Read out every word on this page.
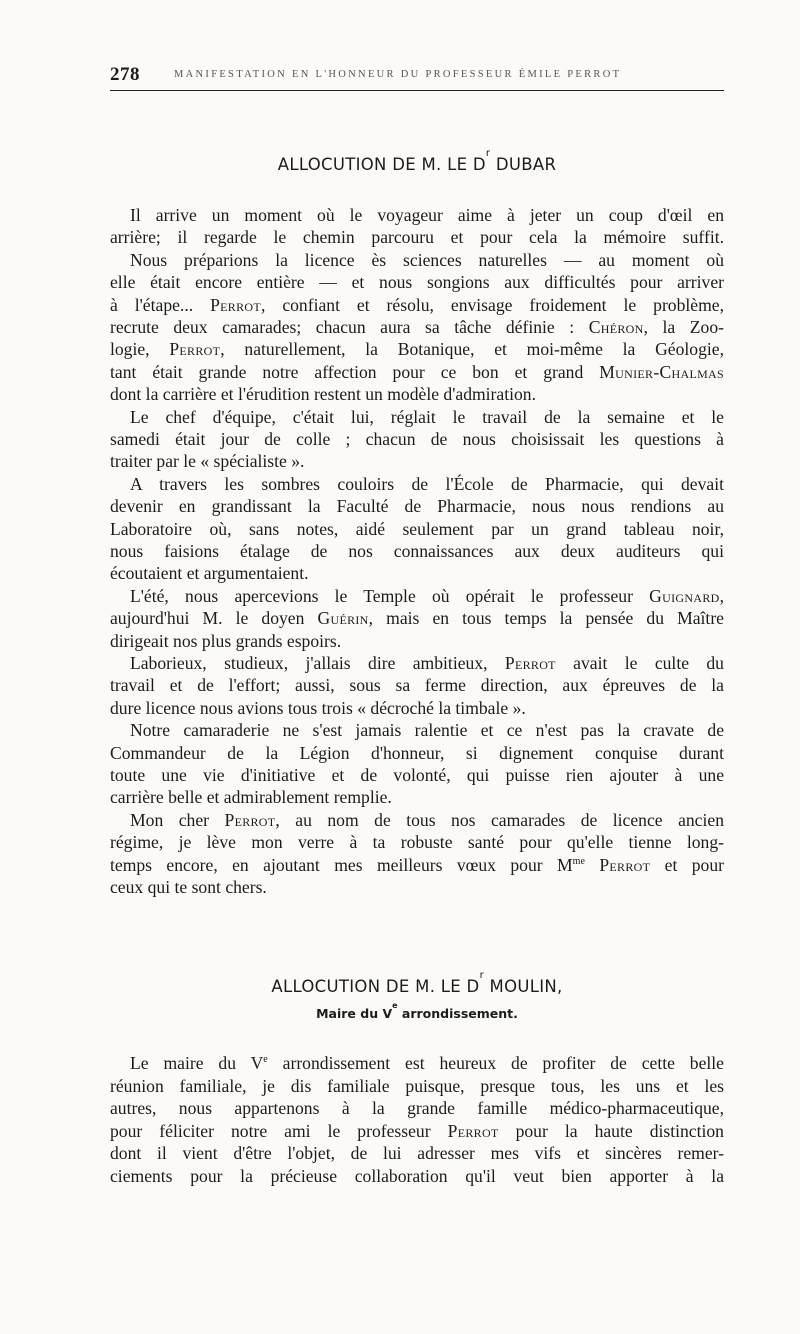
278	MANIFESTATION EN L'HONNEUR DU PROFESSEUR ÉMILE PERROT
ALLOCUTION DE M. LE $D^r$ DUBAR
Il arrive un moment où le voyageur aime à jeter un coup d'œil en
arrière; il regarde le chemin parcouru et pour cela la mémoire suffit.
Nous préparions la licence ès sciences naturelles — au moment où
elle était encore entière — et nous songions aux difficultés pour arriver
à l'étape... Perrot, confiant et résolu, envisage froidement le problème,
recrute deux camarades; chacun aura sa tâche définie : Chéron, la Zoo-
logie, Perrot, naturellement, la Botanique, et moi-même la Géologie,
tant était grande notre affection pour ce bon et grand Munier-Chalmas
dont la carrière et l'érudition restent un modèle d'admiration.
Le chef d'équipe, c'était lui, réglait le travail de la semaine et le
samedi était jour de colle ; chacun de nous choisissait les questions à
traiter par le « spécialiste ».
A travers les sombres couloirs de l'École de Pharmacie, qui devait
devenir en grandissant la Faculté de Pharmacie, nous nous rendions au
Laboratoire où, sans notes, aidé seulement par un grand tableau noir,
nous faisions étalage de nos connaissances aux deux auditeurs qui
écoutaient et argumentaient.
L'été, nous apercevions le Temple où opérait le professeur Guignard,
aujourd'hui M. le doyen Guérin, mais en tous temps la pensée du Maître
dirigeait nos plus grands espoirs.
Laborieux, studieux, j'allais dire ambitieux, Perrot avait le culte du
travail et de l'effort; aussi, sous sa ferme direction, aux épreuves de la
dure licence nous avions tous trois « décroché la timbale ».
Notre camaraderie ne s'est jamais ralentie et ce n'est pas la cravate de
Commandeur de la Légion d'honneur, si dignement conquise durant
toute une vie d'initiative et de volonté, qui puisse rien ajouter à une
carrière belle et admirablement remplie.
Mon cher Perrot, au nom de tous nos camarades de licence ancien
régime, je lève mon verre à ta robuste santé pour qu'elle tienne long-
temps encore, en ajoutant mes meilleurs vœux pour $M^{me}$ Perrot et pour
ceux qui te sont chers.
ALLOCUTION DE M. LE $D^r$ MOULIN,
Maire du Ve arrondissement.
Le maire du Ve arrondissement est heureux de profiter de cette belle
réunion familiale, je dis familiale puisque, presque tous, les uns et les
autres, nous appartenons à la grande famille médico-pharmaceutique,
pour féliciter notre ami le professeur Perrot pour la haute distinction
dont il vient d'être l'objet, de lui adresser mes vifs et sincères remer-
ciements pour la précieuse collaboration qu'il veut bien apporter à la
